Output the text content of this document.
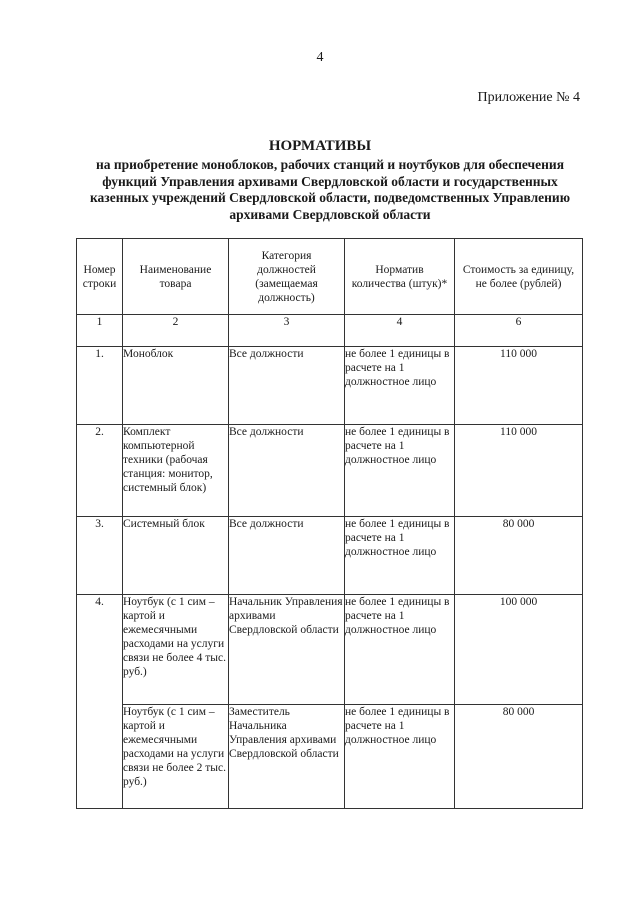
4
Приложение № 4
НОРМАТИВЫ
на приобретение моноблоков, рабочих станций и ноутбуков для обеспечения функций Управления архивами Свердловской области и государственных казенных учреждений Свердловской области, подведомственных Управлению архивами Свердловской области
Номер строки	Наименование товара	Категория должностей (замещаемая должность)	Норматив количества (штук)*	Стоимость за единицу, не более (рублей)
1	2	3	4	6
1.	Моноблок	Все должности	не более 1 единицы в расчете на 1 должностное лицо	110 000
2.	Комплект компьютерной техники (рабочая станция: монитор, системный блок)	Все должности	не более 1 единицы в расчете на 1 должностное лицо	110 000
3.	Системный блок	Все должности	не более 1 единицы в расчете на 1 должностное лицо	80 000
4.	Ноутбук (с 1 сим – картой и ежемесячными расходами на услуги связи не более 4 тыс. руб.)	Начальник Управления архивами Свердловской области	не более 1 единицы в расчете на 1 должностное лицо	100 000
	Ноутбук (с 1 сим – картой и ежемесячными расходами на услуги связи не более 2 тыс. руб.)	Заместитель Начальника Управления архивами Свердловской области	не более 1 единицы в расчете на 1 должностное лицо	80 000
